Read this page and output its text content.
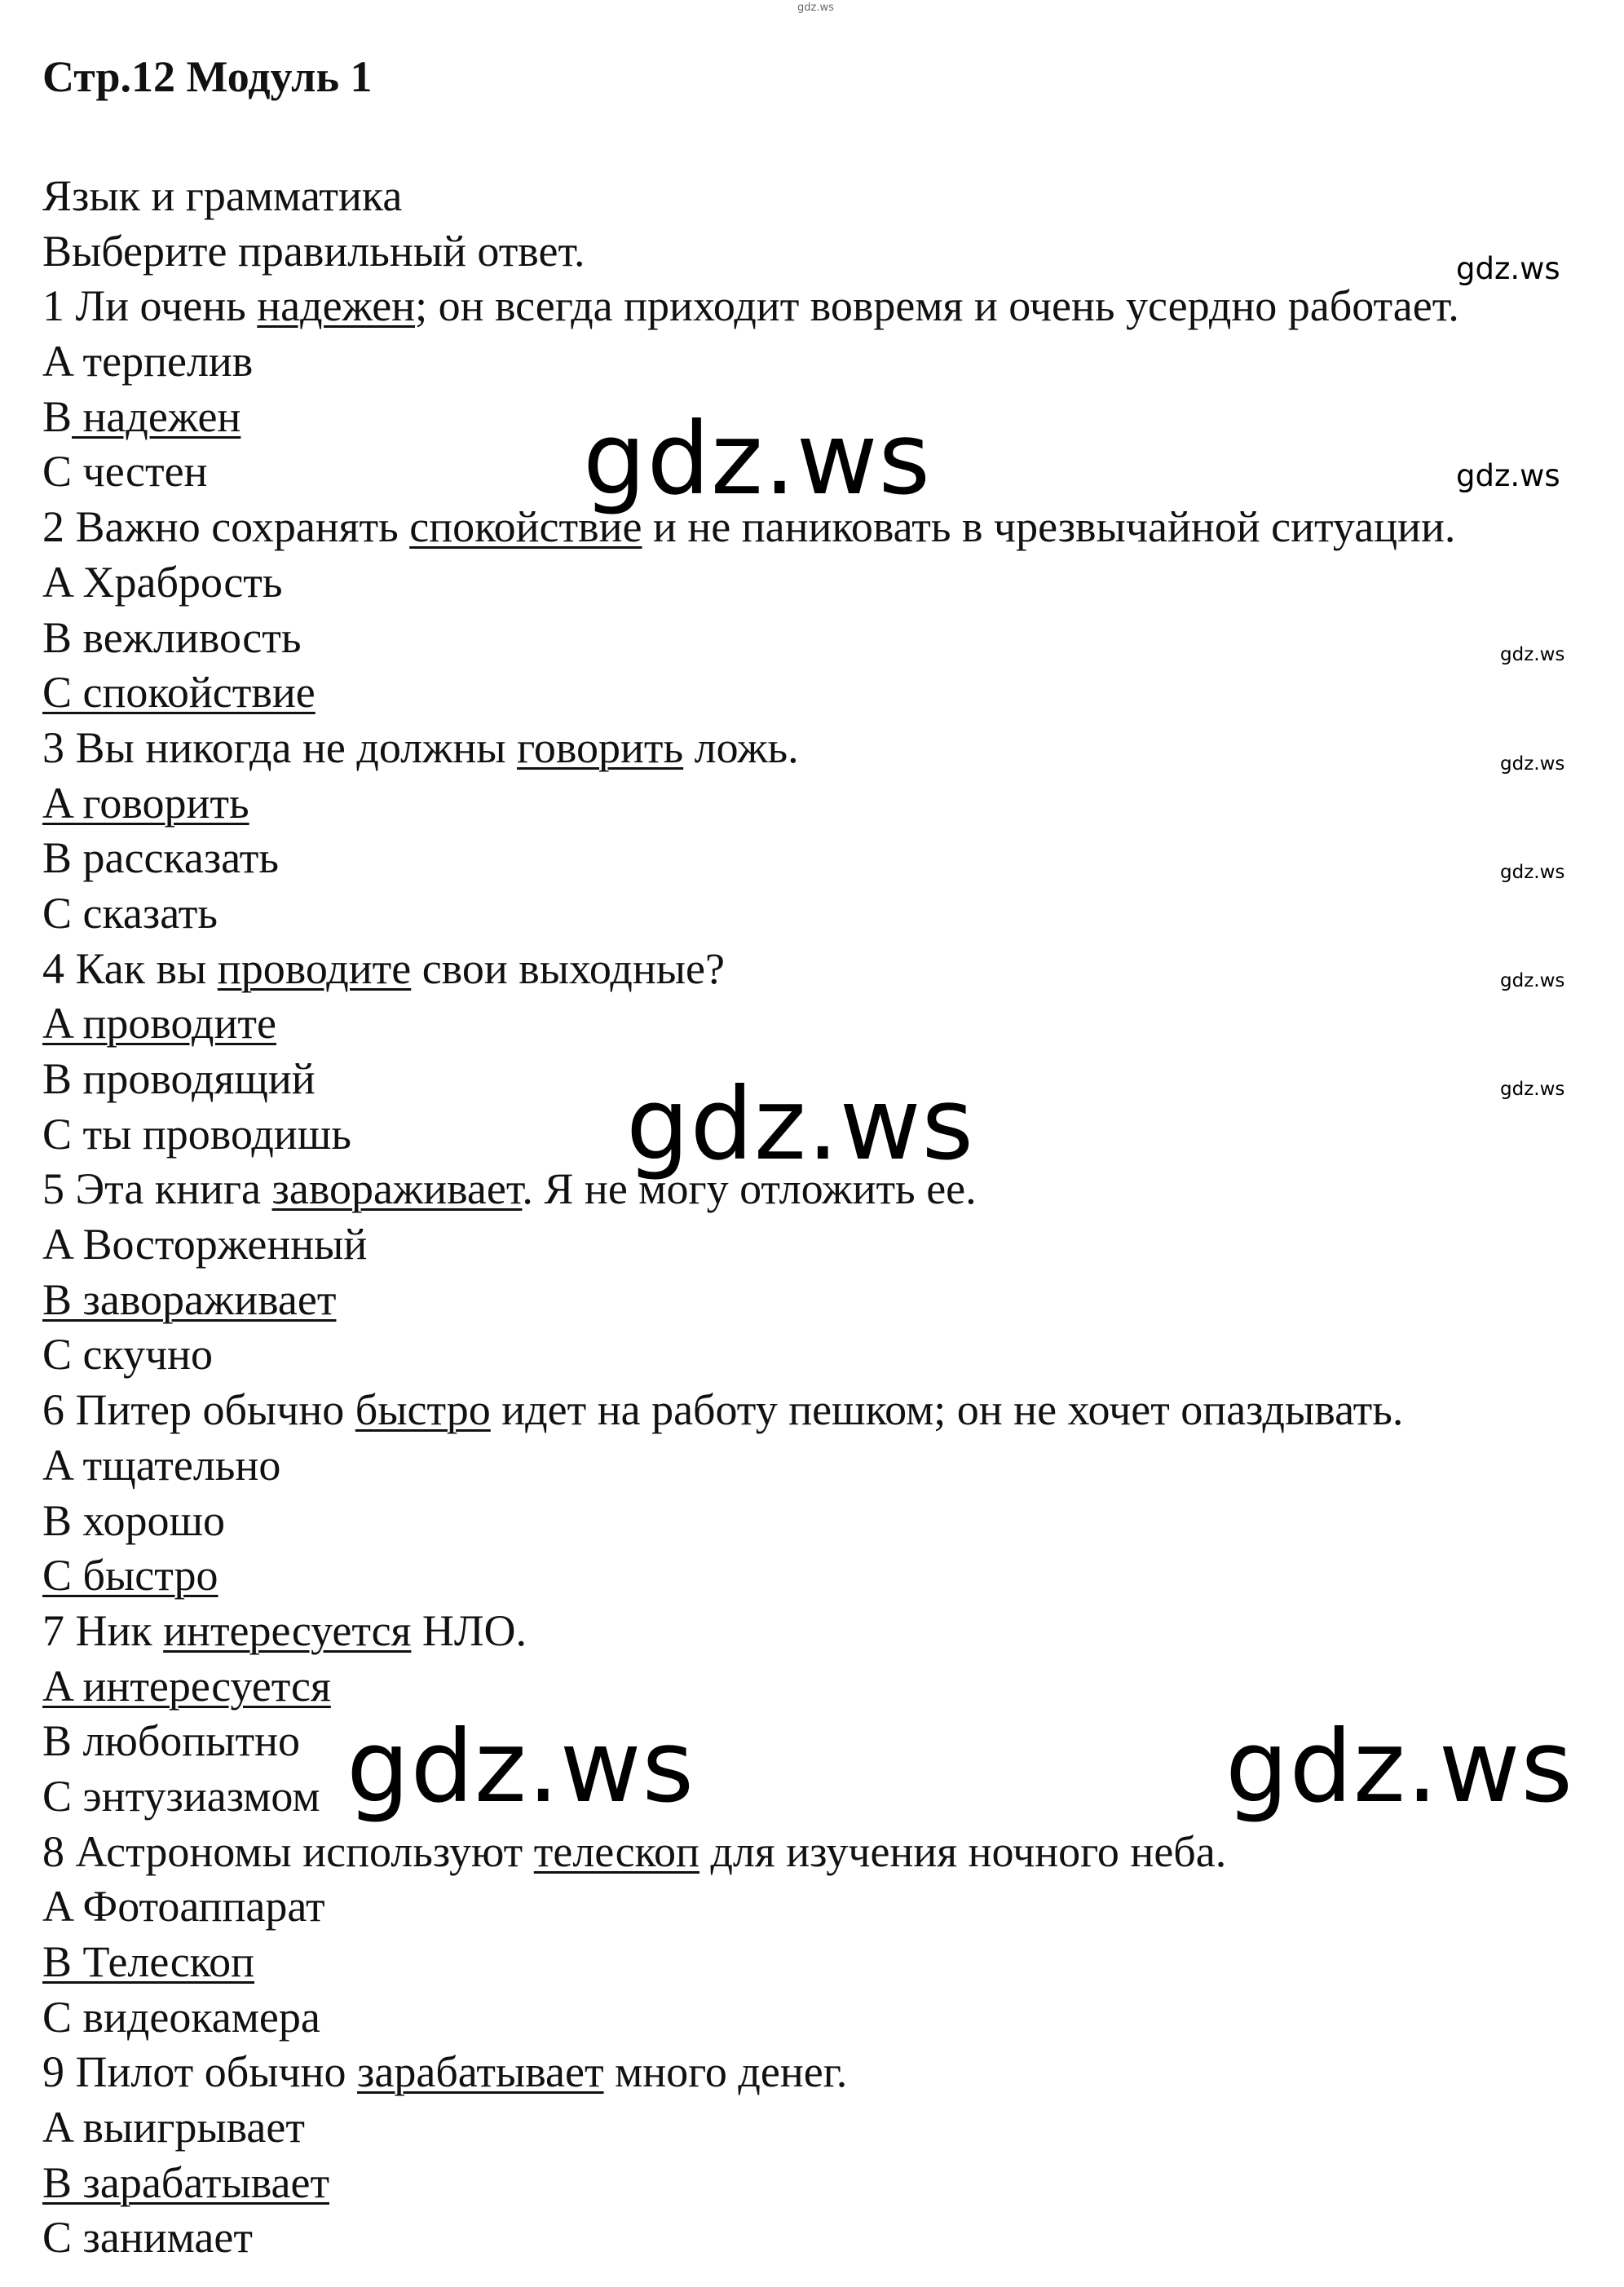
Стр.12 Модуль 1
Язык и грамматика
Выберите правильный ответ.
1 Ли очень надежен; он всегда приходит вовремя и очень усердно работает.
A терпелив
B надежен
C честен
2 Важно сохранять спокойствие и не паниковать в чрезвычайной ситуации.
A Храбрость
B вежливость
C спокойствие
3 Вы никогда не должны говорить ложь.
A говорить
B рассказать
C сказать
4 Как вы проводите свои выходные?
A проводите
B проводящий
C ты проводишь
5 Эта книга завораживает. Я не могу отложить ее.
A Восторженный
B завораживает
C скучно
6 Питер обычно быстро идет на работу пешком; он не хочет опаздывать.
A тщательно
B хорошо
C быстро
7 Ник интересуется НЛО.
A интересуется
B любопытно
C энтузиазмом
8 Астрономы используют телескоп для изучения ночного неба.
A Фотоаппарат
B Телескоп
C видеокамера
9 Пилот обычно зарабатывает много денег.
A выигрывает
B зарабатывает
C занимает
gdz.ws
gdz.ws
gdz.ws
gdz.ws
gdz.ws
gdz.ws
gdz.ws
gdz.ws
gdz.ws
gdz.ws
gdz.ws	gdz.ws
